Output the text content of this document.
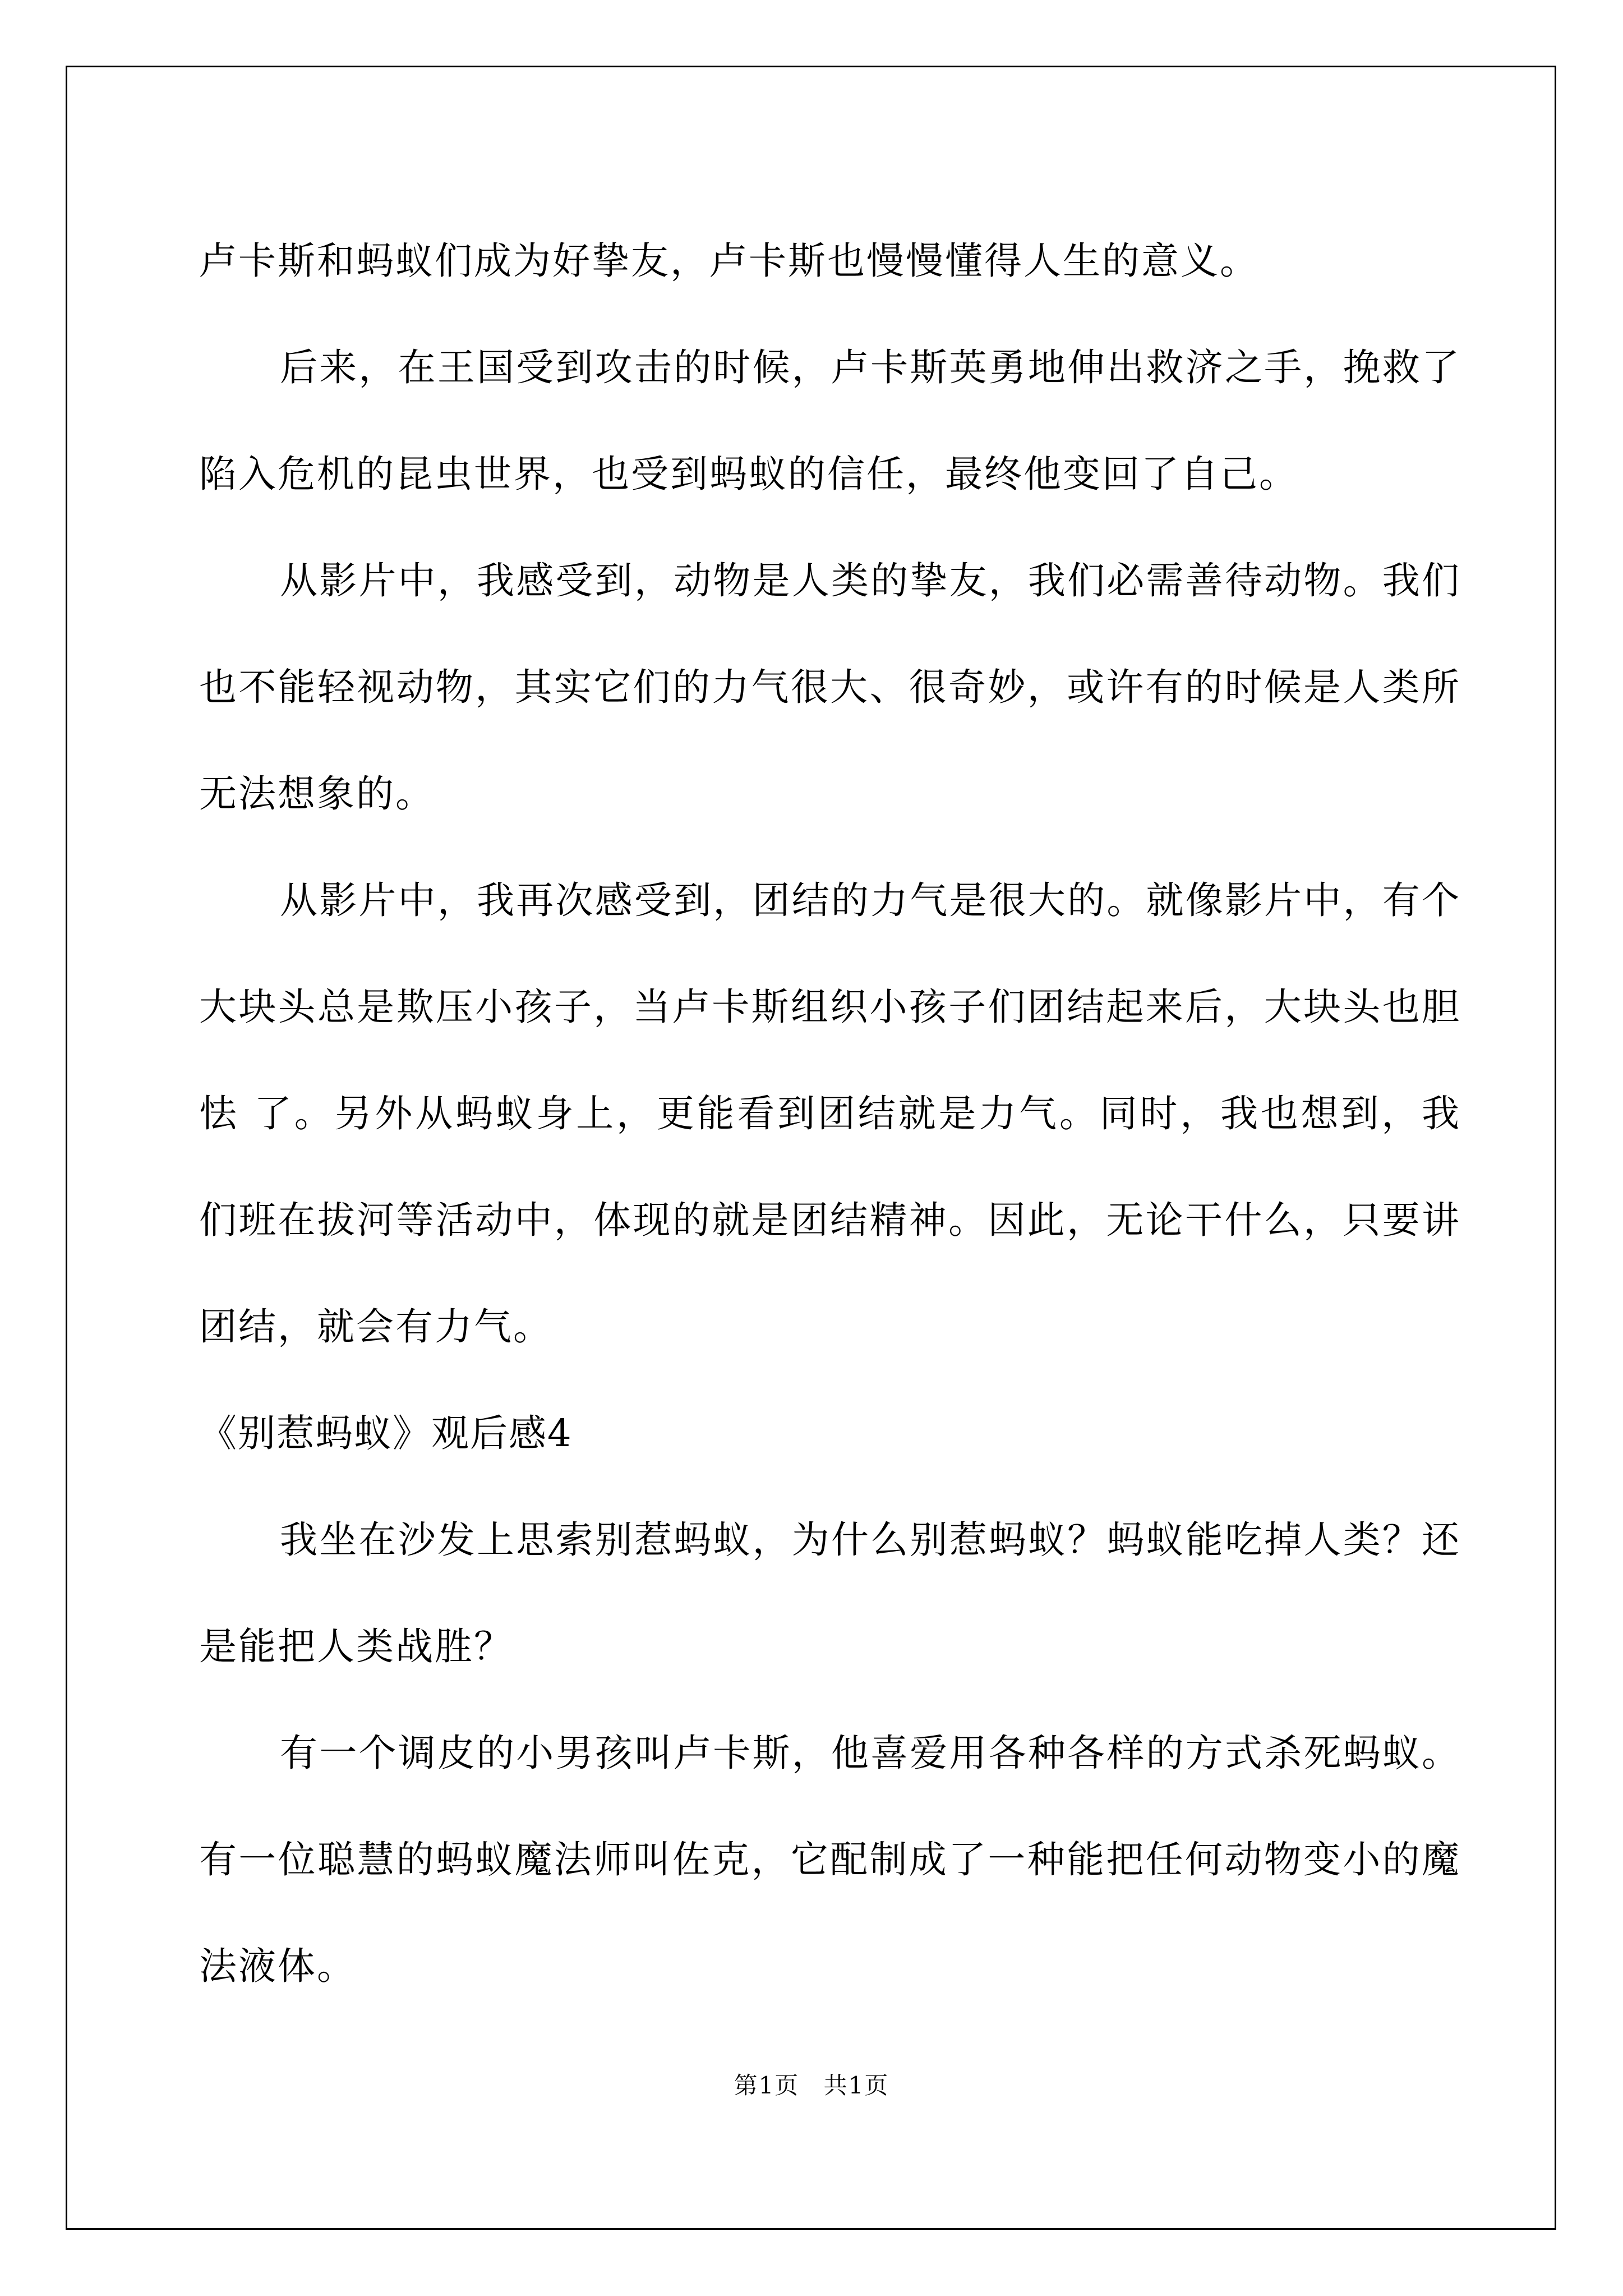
卢卡斯和蚂蚁们成为好挚友，卢卡斯也慢慢懂得人生的意义。

后来，在王国受到攻击的时候，卢卡斯英勇地伸出救济之手，挽救了陷入危机的昆虫世界，也受到蚂蚁的信任，最终他变回了自己。

从影片中，我感受到，动物是人类的挚友，我们必需善待动物。我们也不能轻视动物，其实它们的力气很大、很奇妙，或许有的时候是人类所无法想象的。

从影片中，我再次感受到，团结的力气是很大的。就像影片中，有个大块头总是欺压小孩子，当卢卡斯组织小孩子们团结起来后，大块头也胆怯 了。另外从蚂蚁身上，更能看到团结就是力气。同时，我也想到，我们班在拔河等活动中，体现的就是团结精神。因此，无论干什么，只要讲团结，就会有力气。

《别惹蚂蚁》观后感4

我坐在沙发上思索别惹蚂蚁，为什么别惹蚂蚁？蚂蚁能吃掉人类？还是能把人类战胜？

有一个调皮的小男孩叫卢卡斯，他喜爱用各种各样的方式杀死蚂蚁。有一位聪慧的蚂蚁魔法师叫佐克，它配制成了一种能把任何动物变小的魔法液体。

第1页 共1页
